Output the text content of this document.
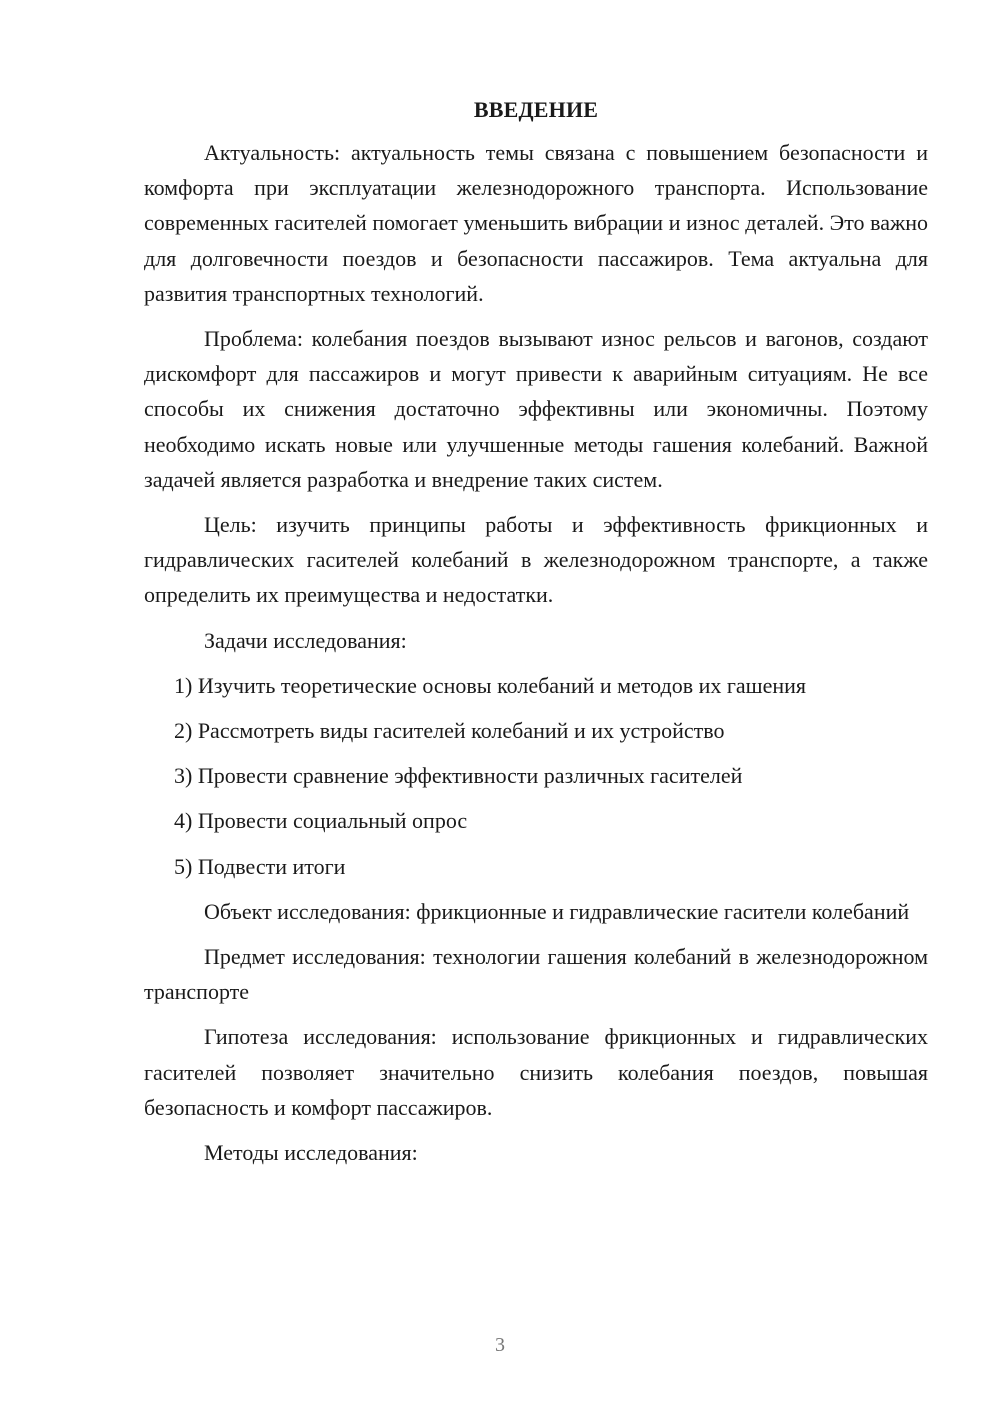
ВВЕДЕНИЕ

Актуальность: актуальность темы связана с повышением безопасности и комфорта при эксплуатации железнодорожного транспорта. Использование современных гасителей помогает уменьшить вибрации и износ деталей. Это важно для долговечности поездов и безопасности пассажиров. Тема актуальна для развития транспортных технологий.

Проблема: колебания поездов вызывают износ рельсов и вагонов, создают дискомфорт для пассажиров и могут привести к аварийным ситуациям. Не все способы их снижения достаточно эффективны или экономичны. Поэтому необходимо искать новые или улучшенные методы гашения колебаний. Важной задачей является разработка и внедрение таких систем.

Цель: изучить принципы работы и эффективность фрикционных и гидравлических гасителей колебаний в железнодорожном транспорте, а также определить их преимущества и недостатки.

Задачи исследования:

1) Изучить теоретические основы колебаний и методов их гашения
2) Рассмотреть виды гасителей колебаний и их устройство
3) Провести сравнение эффективности различных гасителей
4) Провести социальный опрос
5) Подвести итоги

Объект исследования: фрикционные и гидравлические гасители колебаний

Предмет исследования: технологии гашения колебаний в железнодорожном транспорте

Гипотеза исследования: использование фрикционных и гидравлических гасителей позволяет значительно снизить колебания поездов, повышая безопасность и комфорт пассажиров.

Методы исследования:

3
